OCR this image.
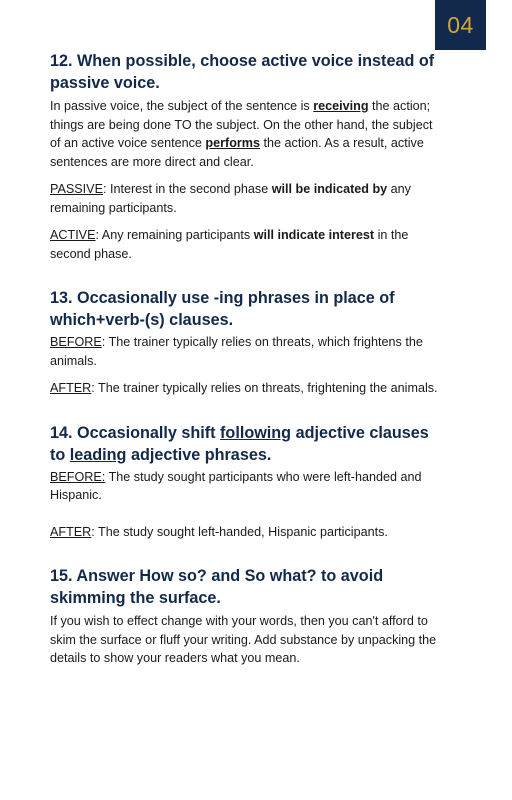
04
12. When possible, choose active voice instead of passive voice.

In passive voice, the subject of the sentence is receiving the action; things are being done TO the subject. On the other hand, the subject of an active voice sentence performs the action. As a result, active sentences are more direct and clear.

PASSIVE: Interest in the second phase will be indicated by any remaining participants.

ACTIVE: Any remaining participants will indicate interest in the second phase.

13. Occasionally use -ing phrases in place of which+verb-(s) clauses.

BEFORE: The trainer typically relies on threats, which frightens the animals.

AFTER: The trainer typically relies on threats, frightening the animals.

14. Occasionally shift following adjective clauses to leading adjective phrases.

BEFORE: The study sought participants who were left-handed and Hispanic.

AFTER: The study sought left-handed, Hispanic participants.

15. Answer How so? and So what? to avoid skimming the surface.

If you wish to effect change with your words, then you can't afford to skim the surface or fluff your writing. Add substance by unpacking the details to show your readers what you mean.
